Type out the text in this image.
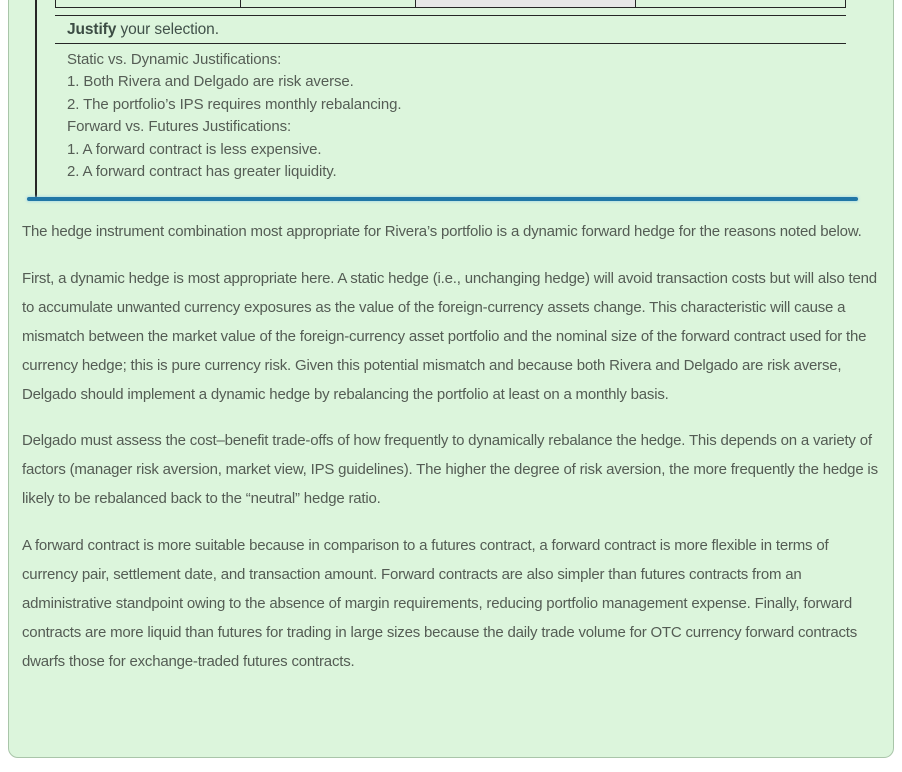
Justify your selection.
Static vs. Dynamic Justifications:
1. Both Rivera and Delgado are risk averse.
2. The portfolio’s IPS requires monthly rebalancing.
Forward vs. Futures Justifications:
1. A forward contract is less expensive.
2. A forward contract has greater liquidity.

The hedge instrument combination most appropriate for Rivera’s portfolio is a dynamic forward hedge for the reasons noted below.

First, a dynamic hedge is most appropriate here. A static hedge (i.e., unchanging hedge) will avoid transaction costs but will also tend to accumulate unwanted currency exposures as the value of the foreign-currency assets change. This characteristic will cause a mismatch between the market value of the foreign-currency asset portfolio and the nominal size of the forward contract used for the currency hedge; this is pure currency risk. Given this potential mismatch and because both Rivera and Delgado are risk averse, Delgado should implement a dynamic hedge by rebalancing the portfolio at least on a monthly basis.

Delgado must assess the cost–benefit trade-offs of how frequently to dynamically rebalance the hedge. This depends on a variety of factors (manager risk aversion, market view, IPS guidelines). The higher the degree of risk aversion, the more frequently the hedge is likely to be rebalanced back to the “neutral” hedge ratio.

A forward contract is more suitable because in comparison to a futures contract, a forward contract is more flexible in terms of currency pair, settlement date, and transaction amount. Forward contracts are also simpler than futures contracts from an administrative standpoint owing to the absence of margin requirements, reducing portfolio management expense. Finally, forward contracts are more liquid than futures for trading in large sizes because the daily trade volume for OTC currency forward contracts dwarfs those for exchange-traded futures contracts.
